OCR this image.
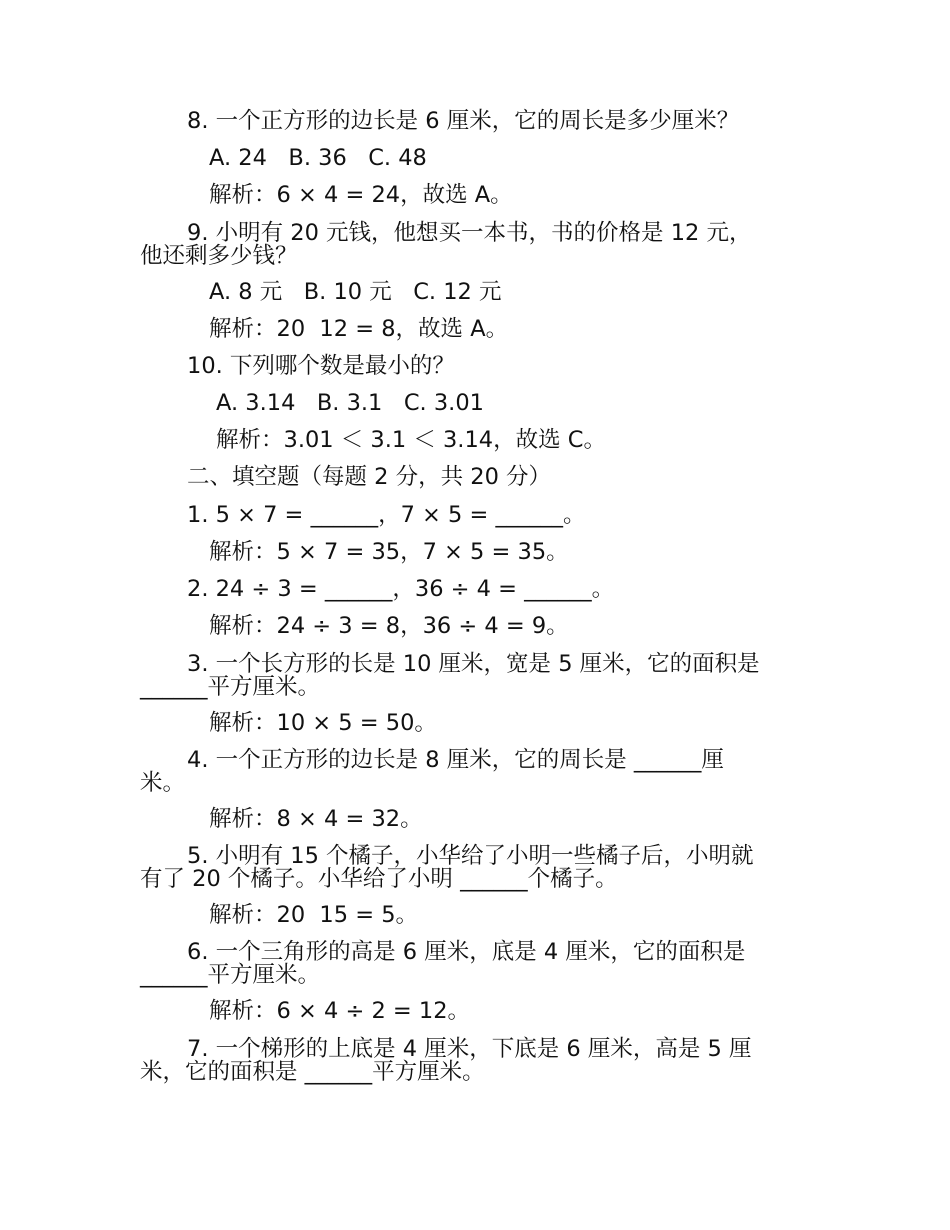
8. 一个正方形的边长是 6 厘米，它的周长是多少厘米？
A. 24   B. 36   C. 48
解析：6 × 4 = 24，故选 A。
9. 小明有 20 元钱，他想买一本书，书的价格是 12 元，
他还剩多少钱？
A. 8 元   B. 10 元   C. 12 元
解析：20  12 = 8，故选 A。
10. 下列哪个数是最小的？
A. 3.14   B. 3.1   C. 3.01
解析：3.01 ＜ 3.1 ＜ 3.14，故选 C。
二、填空题（每题 2 分，共 20 分）
1. 5 × 7 = ______，7 × 5 = ______。
解析：5 × 7 = 35，7 × 5 = 35。
2. 24 ÷ 3 = ______，36 ÷ 4 = ______。
解析：24 ÷ 3 = 8，36 ÷ 4 = 9。
3. 一个长方形的长是 10 厘米，宽是 5 厘米，它的面积是
______平方厘米。
解析：10 × 5 = 50。
4. 一个正方形的边长是 8 厘米，它的周长是 ______厘
米。
解析：8 × 4 = 32。
5. 小明有 15 个橘子，小华给了小明一些橘子后，小明就
有了 20 个橘子。小华给了小明 ______个橘子。
解析：20  15 = 5。
6. 一个三角形的高是 6 厘米，底是 4 厘米，它的面积是
______平方厘米。
解析：6 × 4 ÷ 2 = 12。
7. 一个梯形的上底是 4 厘米，下底是 6 厘米，高是 5 厘
米，它的面积是 ______平方厘米。
